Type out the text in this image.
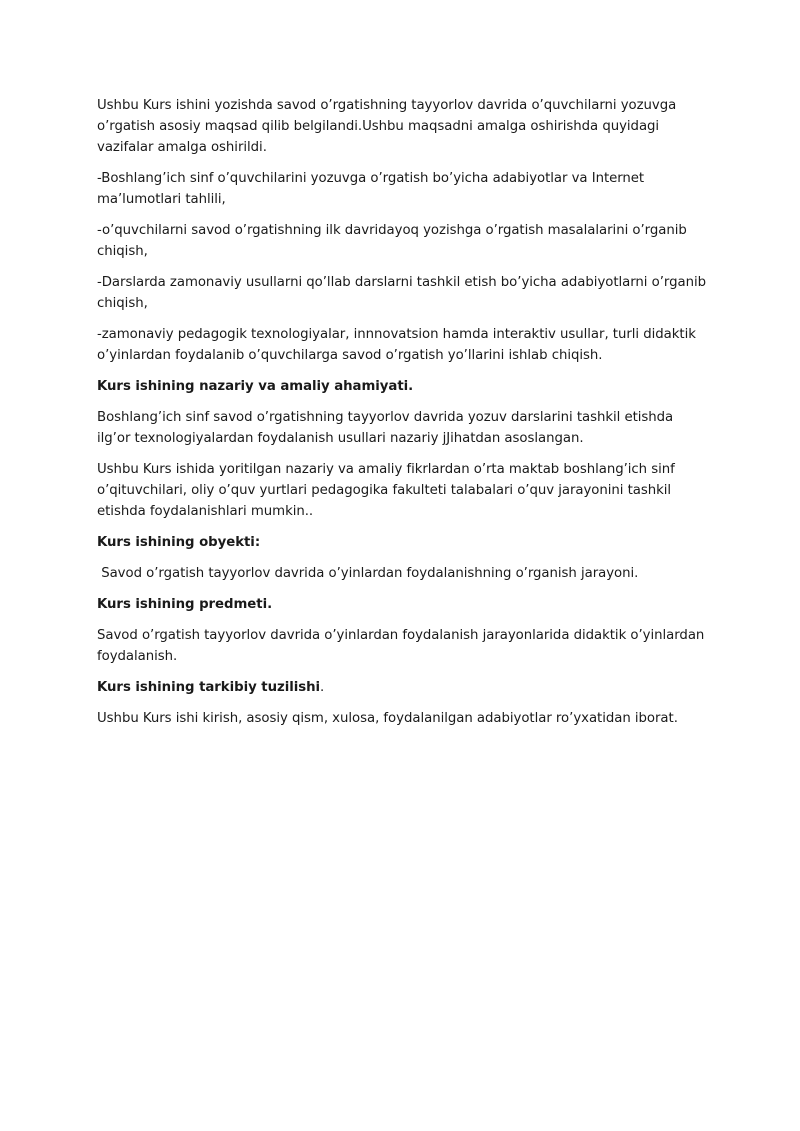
Ushbu Kurs ishini yozishda savod o’rgatishning tayyorlov davrida o’quvchilarni yozuvga o’rgatish asosiy maqsad qilib belgilandi.Ushbu maqsadni amalga oshirishda quyidagi vazifalar amalga oshirildi.

-Boshlang’ich sinf o’quvchilarini yozuvga o’rgatish bo’yicha adabiyotlar va Internet ma’lumotlari tahlili,

-o’quvchilarni savod o’rgatishning ilk davridayoq yozishga o’rgatish masalalarini o’rganib chiqish,

-Darslarda zamonaviy usullarni qo’llab darslarni tashkil etish bo’yicha adabiyotlarni o’rganib chiqish,

-zamonaviy pedagogik texnologiyalar, innnovatsion hamda interaktiv usullar, turli didaktik o’yinlardan foydalanib o’quvchilarga savod o’rgatish yo’llarini ishlab chiqish.

Kurs ishining nazariy va amaliy ahamiyati.

Boshlang’ich sinf savod o’rgatishning tayyorlov davrida yozuv darslarini tashkil etishda ilg’or texnologiyalardan foydalanish usullari nazariy jJihatdan asoslangan.

Ushbu Kurs ishida yoritilgan nazariy va amaliy fikrlardan o’rta maktab boshlang’ich sinf o’qituvchilari, oliy o’quv yurtlari pedagogika fakulteti talabalari o’quv jarayonini tashkil etishda foydalanishlari mumkin..

Kurs ishining obyekti:

Savod o’rgatish tayyorlov davrida o’yinlardan foydalanishning o’rganish jarayoni.

Kurs ishining predmeti.

Savod o’rgatish tayyorlov davrida o’yinlardan foydalanish jarayonlarida didaktik o’yinlardan foydalanish.

Kurs ishining tarkibiy tuzilishi.

Ushbu Kurs ishi kirish, asosiy qism, xulosa, foydalanilgan adabiyotlar ro’yxatidan iborat.
